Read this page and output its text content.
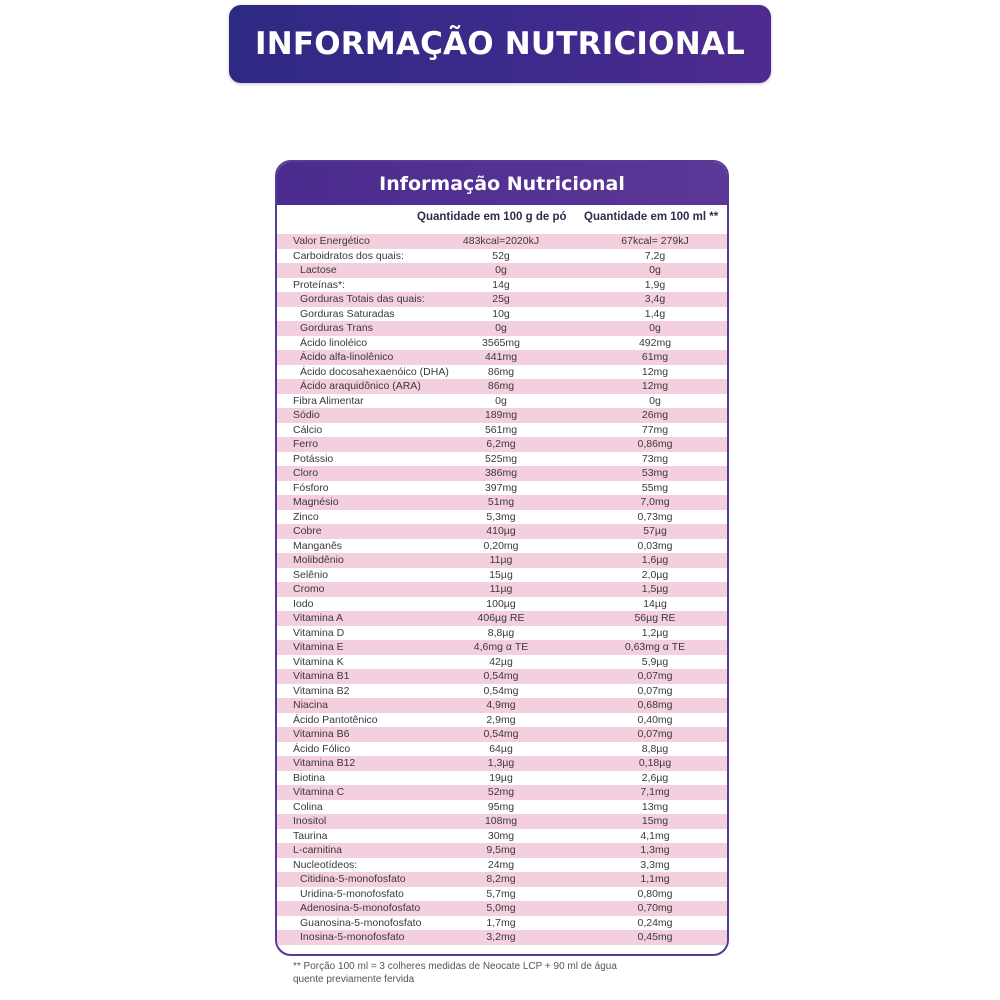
INFORMAÇÃO NUTRICIONAL
Informação Nutricional
Quantidade em 100 g de pó Quantidade em 100 ml **
Valor Energético	483kcal=2020kJ	67kcal= 279kJ
Carboidratos dos quais:	52g	7,2g
Lactose	0g	0g
Proteínas*:	14g	1,9g
Gorduras Totais das quais:	25g	3,4g
Gorduras Saturadas	10g	1,4g
Gorduras Trans	0g	0g
Ácido linoléico	3565mg	492mg
Ácido alfa-linolênico	441mg	61mg
Ácido docosahexaenóico (DHA)	86mg	12mg
Ácido araquidônico (ARA)	86mg	12mg
Fibra Alimentar	0g	0g
Sódio	189mg	26mg
Cálcio	561mg	77mg
Ferro	6,2mg	0,86mg
Potássio	525mg	73mg
Cloro	386mg	53mg
Fósforo	397mg	55mg
Magnésio	51mg	7,0mg
Zinco	5,3mg	0,73mg
Cobre	410µg	57µg
Manganês	0,20mg	0,03mg
Molibdênio	11µg	1,6µg
Selênio	15µg	2,0µg
Cromo	11µg	1,5µg
Iodo	100µg	14µg
Vitamina A	406µg RE	56µg RE
Vitamina D	8,8µg	1,2µg
Vitamina E	4,6mg α TE	0,63mg α TE
Vitamina K	42µg	5,9µg
Vitamina B1	0,54mg	0,07mg
Vitamina B2	0,54mg	0,07mg
Niacina	4,9mg	0,68mg
Ácido Pantotênico	2,9mg	0,40mg
Vitamina B6	0,54mg	0,07mg
Ácido Fólico	64µg	8,8µg
Vitamina B12	1,3µg	0,18µg
Biotina	19µg	2,6µg
Vitamina C	52mg	7,1mg
Colina	95mg	13mg
Inositol	108mg	15mg
Taurina	30mg	4,1mg
L-carnitina	9,5mg	1,3mg
Nucleotídeos:	24mg	3,3mg
Citidina-5-monofosfato	8,2mg	1,1mg
Uridina-5-monofosfato	5,7mg	0,80mg
Adenosina-5-monofosfato	5,0mg	0,70mg
Guanosina-5-monofosfato	1,7mg	0,24mg
Inosina-5-monofosfato	3,2mg	0,45mg
** Porção 100 ml = 3 colheres medidas de Neocate LCP + 90 ml de água
quente previamente fervida
